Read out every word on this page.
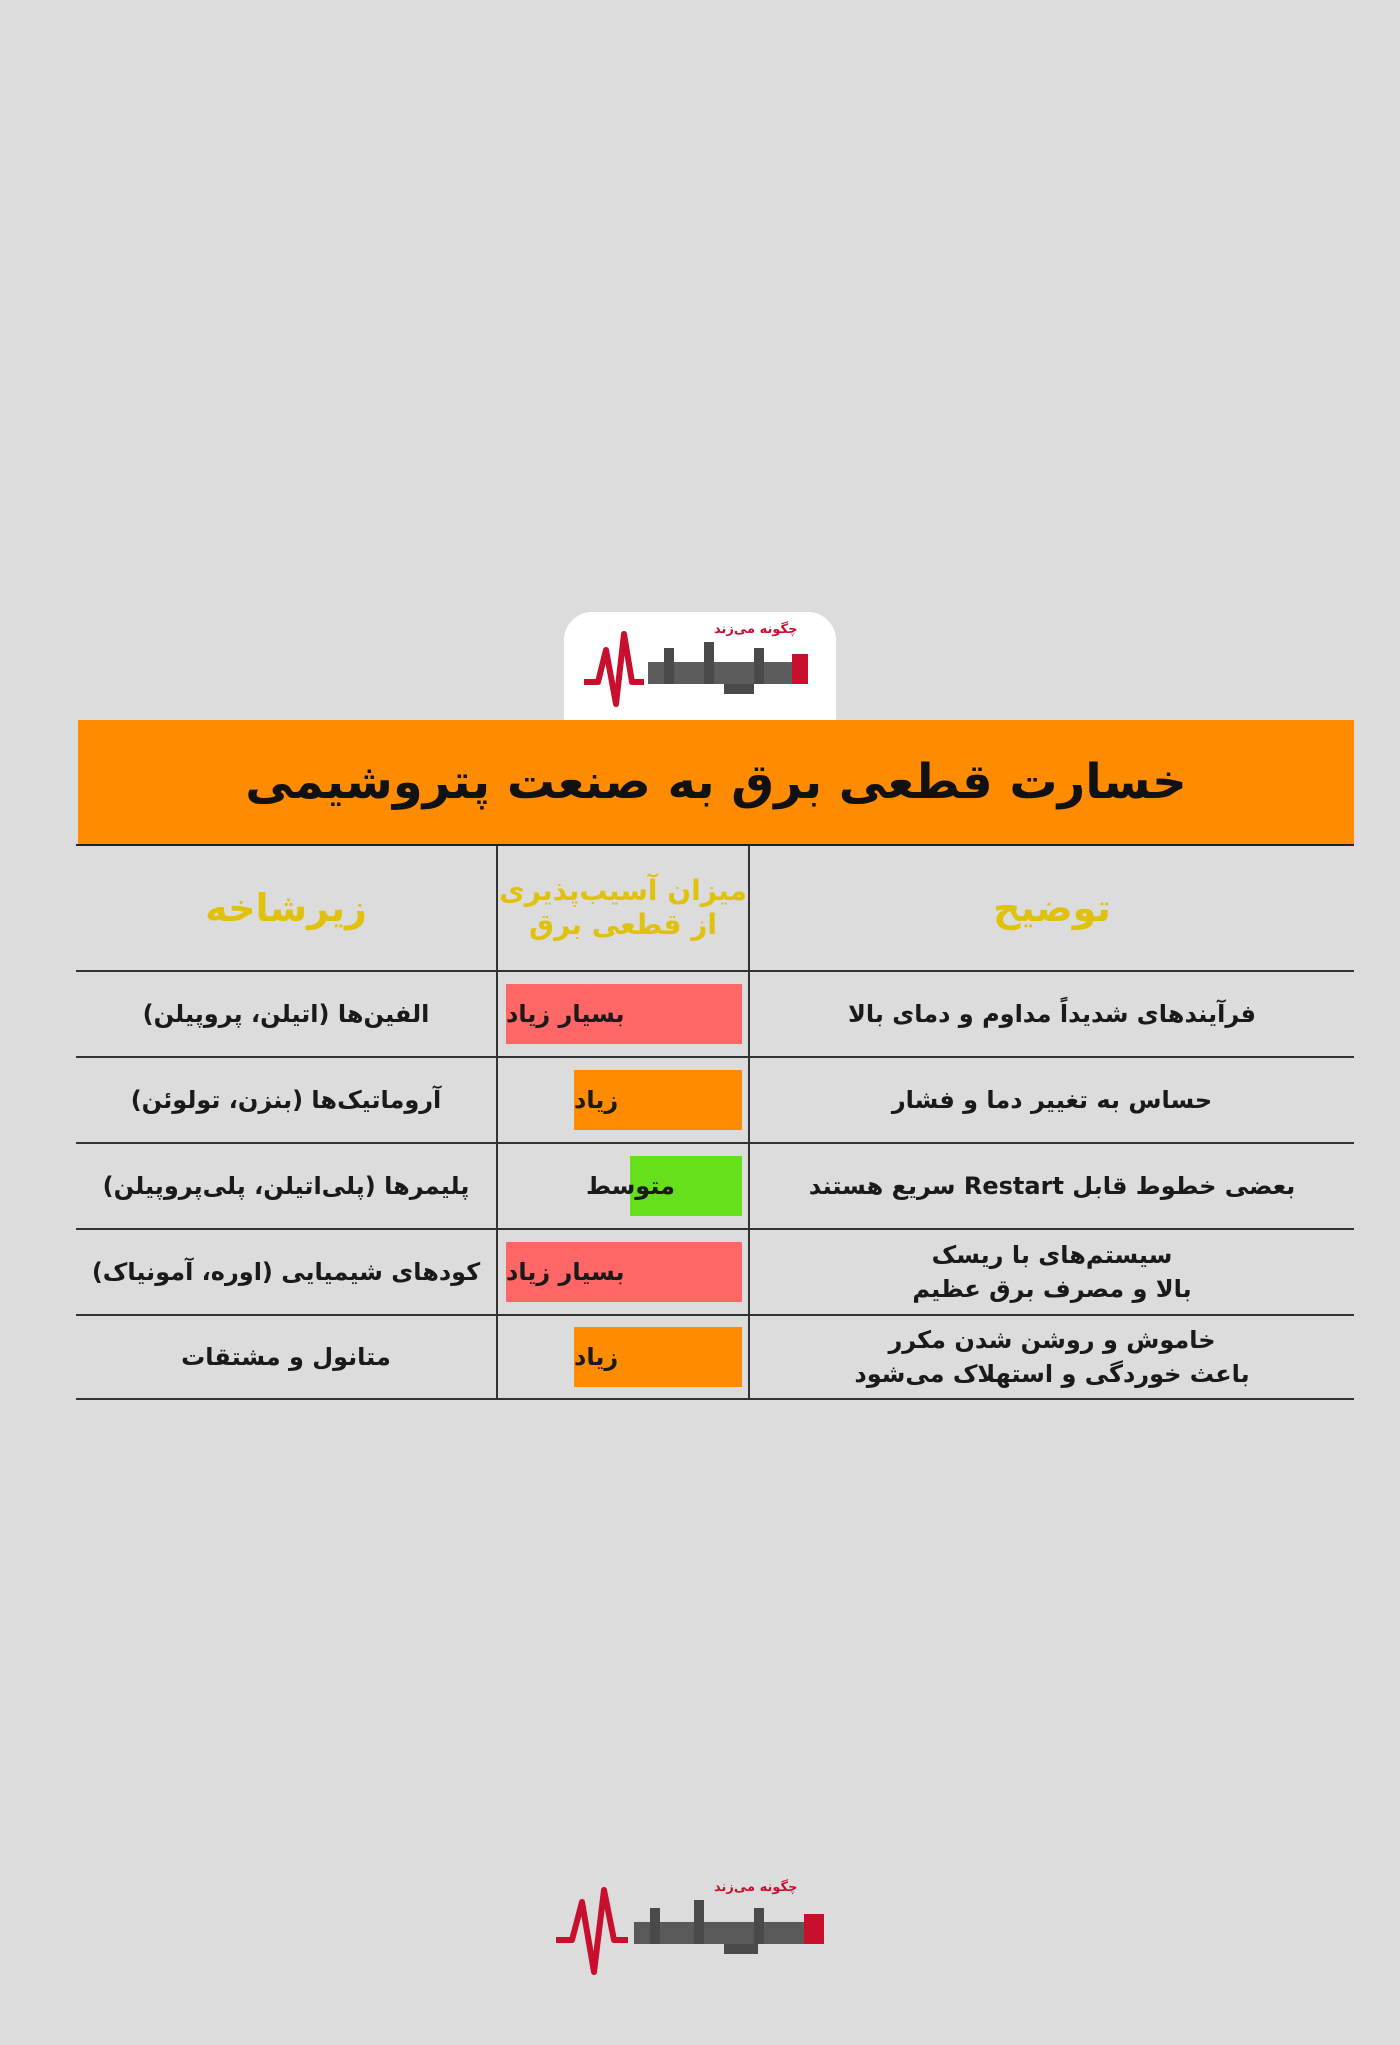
چگونه می‌زند
خسارت قطعی برق به صنعت پتروشیمی
توضیح
میزان آسیب‌پذیری
از قطعی برق
زیرشاخه
فرآیندهای شدیداً مداوم و دمای بالا
بسیار زیاد
الفین‌ها (اتیلن، پروپیلن)
حساس به تغییر دما و فشار
زیاد
آروماتیک‌ها (بنزن، تولوئن)
بعضی خطوط قابل Restart سریع هستند
متوسط
پلیمرها (پلی‌اتیلن، پلی‌پروپیلن)
سیستم‌های با ریسک
بالا و مصرف برق عظیم
بسیار زیاد
کودهای شیمیایی (اوره، آمونیاک)
خاموش و روشن شدن مکرر
باعث خوردگی و استهلاک می‌شود
زیاد
متانول و مشتقات
چگونه می‌زند
